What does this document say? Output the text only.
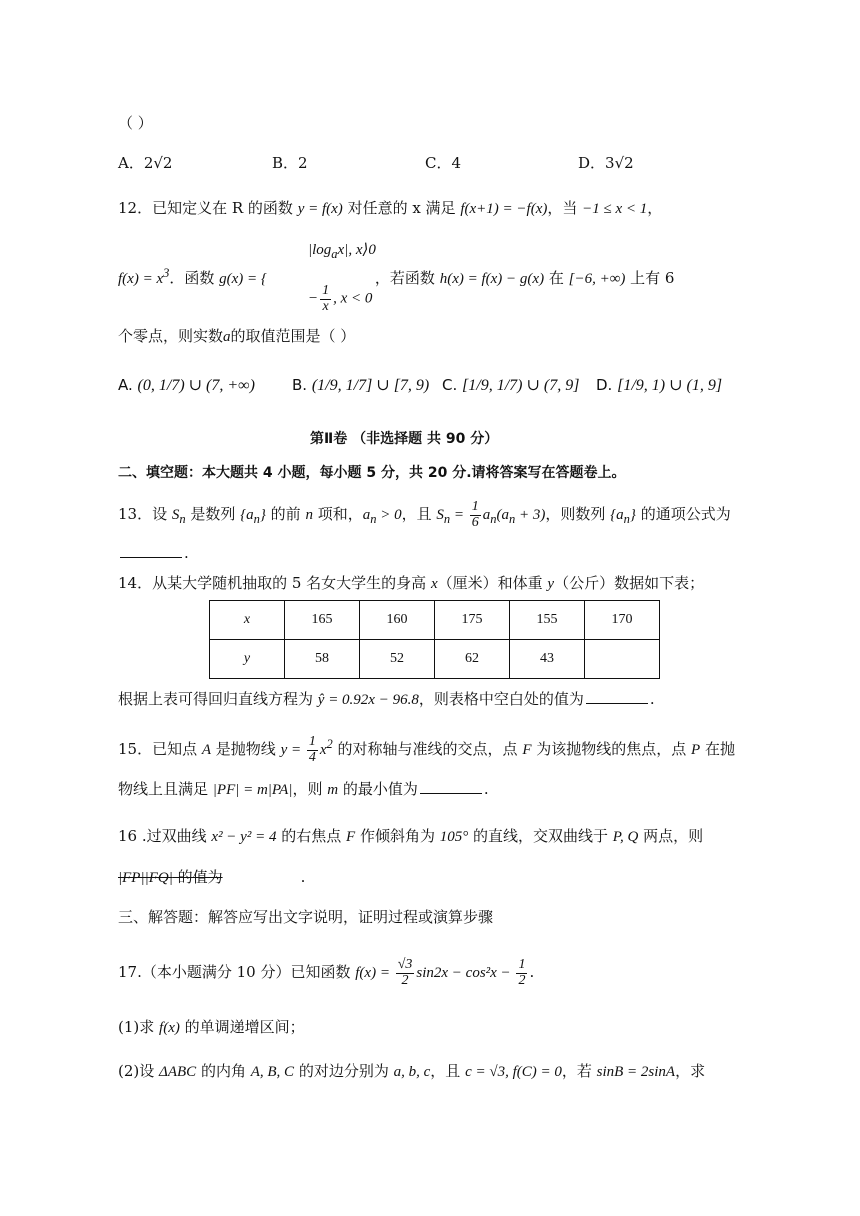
（ ）
A．2√2	B．2	C．4	D．3√2
12．已知定义在 R 的函数 y = f(x) 对任意的 x 满足 f(x+1) = −f(x)，当 −1 ≤ x < 1，
$|\log_ax|$, x⟩0
$f(x) = x^3$．函数 g(x) = {	，若函数 h(x) = f(x) − g(x) 在 [−6, +∞) 上有 6
− $\frac{1}{x}$ , x < 0
个零点，则实数a的取值范围是（ ）
A. (0, 1/7) ∪ (7, +∞) B. (1/9, 1/7] ∪ [7, 9) C. [1/9, 1/7) ∪ (7, 9] D. [1/9, 1) ∪ (1, 9]
第Ⅱ卷 （非选择题 共 90 分）
二、填空题：本大题共 4 小题，每小题 5 分，共 20 分.请将答案写在答题卷上。
13．设 $S_n$ 是数列 $\{a_n\}$ 的前 n 项和，$a_n > 0$，且 $S_n = \frac{1}{6} a_n(a_n + 3)$，则数列 $\{a_n\}$ 的通项公式为
.
14．从某大学随机抽取的 5 名女大学生的身高 x（厘米）和体重 y（公斤）数据如下表；
x	165	160	175	155	170
y	58	52	62	43	
根据上表可得回归直线方程为 ŷ = 0.92x − 96.8，则表格中空白处的值为	.
15．已知点 A 是抛物线 $y = \frac{1}{4} x^2$ 的对称轴与准线的交点，点 F 为该抛物线的焦点，点 P 在抛
物线上且满足 |PF| = m|PA|，则 m 的最小值为	.
16 .过双曲线 x² − y² = 4 的右焦点 F 作倾斜角为 105° 的直线，交双曲线于 P, Q 两点，则
|FP||FQ| 的值为	.
三、解答题：解答应写出文字说明，证明过程或演算步骤
17.（本小题满分 10 分）已知函数 $f(x) = \frac{√3}{2} \sin 2x - \cos^2x - \frac{1}{2}$ .
(1)求 f(x) 的单调递增区间；
(2)设 ΔABC 的内角 A, B, C 的对边分别为 a, b, c，且 c = √3, f(C) = 0，若 sinB = 2sinA，求
